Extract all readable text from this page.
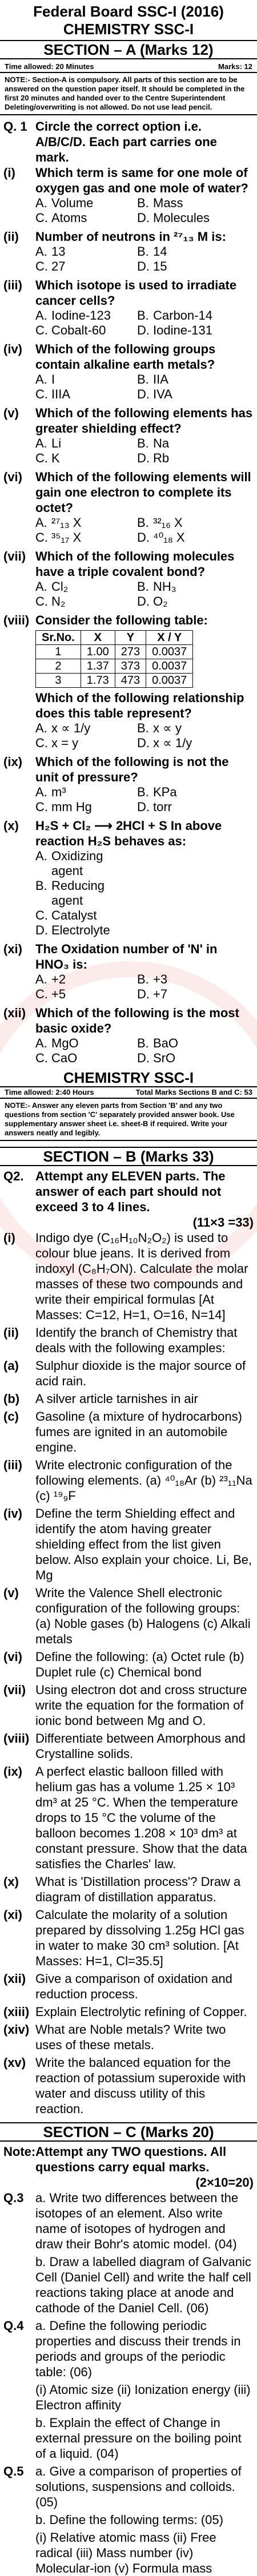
Federal Board SSC-I (2016)
CHEMISTRY SSC-I
SECTION – A (Marks 12)
Time allowed: 20 Minutes	Marks: 12
NOTE:- Section-A is compulsory. All parts of this section are to be answered on the question paper itself. It should be completed in the first 20 minutes and handed over to the Centre Superintendent Deleting/overwriting is not allowed. Do not use lead pencil.
Q. 1 Circle the correct option i.e. A/B/C/D. Each part carries one mark.
(i)	Which term is same for one mole of oxygen gas and one mole of water?
A. Volume	B. Mass
C. Atoms	D. Molecules
(ii)	Number of neutrons in ²⁷₁₃ M is:
A. 13	B. 14
C. 27	D. 15
(iii)	Which isotope is used to irradiate cancer cells?
A. Iodine-123	B. Carbon-14
C. Cobalt-60	D. Iodine-131
(iv)	Which of the following groups contain alkaline earth metals?
A. I	B. IIA
C. IIIA	D. IVA
(v)	Which of the following elements has greater shielding effect?
A. Li	B. Na
C. K	D. Rb
(vi)	Which of the following elements will gain one electron to complete its octet?
A. ²⁷₁₃ X	B. ³²₁₆ X
C. ³⁵₁₇ X	D. ⁴⁰₁₈ X
(vii) Which of the following molecules have a triple covalent bond?
A. Cl₂	B. NH₃
C. N₂	D. O₂
(viii) Consider the following table:
Sr.No.	X	Y	X / Y
1	1.00	273	0.0037
2	1.37	373	0.0037
3	1.73	473	0.0037
Which of the following relationship does this table represent?
A. x ∝ 1/y	B. x ∝ y
C. x = y	D. x ∝ 1/y
(ix)	Which of the following is not the unit of pressure?
A. m³	B. KPa
C. mm Hg	D. torr
(x)	H₂S + Cl₂ ⟶ 2HCl + S In above reaction H₂S behaves as:
A. Oxidizing agent
B. Reducing agent
C. Catalyst
D. Electrolyte
(xi)	The Oxidation number of 'N' in HNO₃ is:
A. +2	B. +3
C. +5	D. +7
(xii) Which of the following is the most basic oxide?
A. MgO	B. BaO
C. CaO	D. SrO
CHEMISTRY SSC-I
Time allowed: 2:40 Hours	Total Marks Sections B and C: 53
NOTE:- Answer any eleven parts from Section 'B' and any two questions from section 'C' separately provided answer book. Use supplementary answer sheet i.e. sheet-B if required. Write your answers neatly and legibly.
SECTION – B (Marks 33)
Q2. Attempt any ELEVEN parts. The answer of each part should not exceed 3 to 4 lines.
(11×3 =33)
(i)	Indigo dye (C₁₆H₁₀N₂O₂) is used to colour blue jeans. It is derived from indoxyl (C₈H₇ON). Calculate the molar masses of these two compounds and write their empirical formulas [At Masses: C=12, H=1, O=16, N=14]
(ii)	Identify the branch of Chemistry that deals with the following examples:
(a)	Sulphur dioxide is the major source of acid rain.
(b)	A silver article tarnishes in air
(c)	Gasoline (a mixture of hydrocarbons) fumes are ignited in an automobile engine.
(iii)	Write electronic configuration of the following elements. (a) ⁴⁰₁₈Ar (b) ²³₁₁Na (c) ¹⁹₉F
(iv)	Define the term Shielding effect and identify the atom having greater shielding effect from the list given below. Also explain your choice. Li, Be, Mg
(v)	Write the Valence Shell electronic configuration of the following groups: (a) Noble gases (b) Halogens (c) Alkali metals
(vi)	Define the following: (a) Octet rule (b) Duplet rule (c) Chemical bond
(vii) Using electron dot and cross structure write the equation for the formation of ionic bond between Mg and O.
(viii) Differentiate between Amorphous and Crystalline solids.
(ix)	A perfect elastic balloon filled with helium gas has a volume 1.25 × 10³ dm³ at 25 °C. When the temperature drops to 15 °C the volume of the balloon becomes 1.208 × 10³ dm³ at constant pressure. Show that the data satisfies the Charles' law.
(x)	What is 'Distillation process'? Draw a diagram of distillation apparatus.
(xi)	Calculate the molarity of a solution prepared by dissolving 1.25g HCl gas in water to make 30 cm³ solution. [At Masses: H=1, Cl=35.5]
(xii) Give a comparison of oxidation and reduction process.
(xiii) Explain Electrolytic refining of Copper.
(xiv) What are Noble metals? Write two uses of these metals.
(xv) Write the balanced equation for the reaction of potassium superoxide with water and discuss utility of this reaction.
SECTION – C (Marks 20)
Note: Attempt any TWO questions. All questions carry equal marks.
(2×10=20)
Q.3 a. Write two differences between the isotopes of an element. Also write name of isotopes of hydrogen and draw their Bohr's atomic model. (04)
b. Draw a labelled diagram of Galvanic Cell (Daniel Cell) and write the half cell reactions taking place at anode and cathode of the Daniel Cell. (06)
Q.4 a. Define the following periodic properties and discuss their trends in periods and groups of the periodic table: (06)
(i) Atomic size (ii) Ionization energy (iii) Electron affinity
b. Explain the effect of Change in external pressure on the boiling point of a liquid. (04)
Q.5 a. Give a comparison of properties of solutions, suspensions and colloids. (05)
b. Define the following terms: (05)
(i) Relative atomic mass (ii) Free radical (iii) Mass number (iv) Molecular-ion (v) Formula mass
